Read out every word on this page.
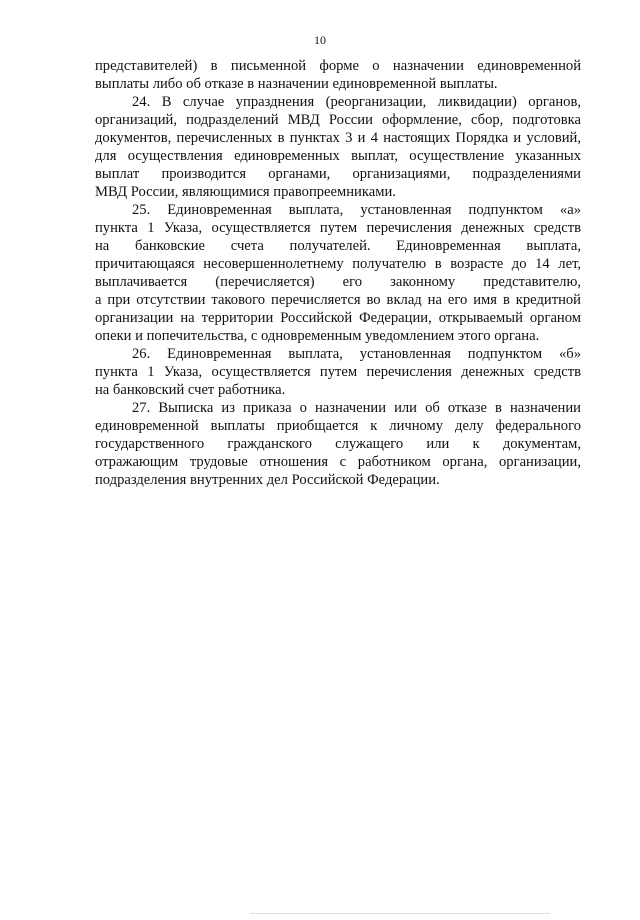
10
представителей) в письменной форме о назначении единовременной
выплаты либо об отказе в назначении единовременной выплаты.
24. В случае упразднения (реорганизации, ликвидации) органов,
организаций, подразделений МВД России оформление, сбор, подготовка
документов, перечисленных в пунктах 3 и 4 настоящих Порядка и условий,
для осуществления единовременных выплат, осуществление указанных
выплат производится органами, организациями, подразделениями
МВД России, являющимися правопреемниками.
25. Единовременная выплата, установленная подпунктом «а»
пункта 1 Указа, осуществляется путем перечисления денежных средств
на банковские счета получателей. Единовременная выплата,
причитающаяся несовершеннолетнему получателю в возрасте до 14 лет,
выплачивается (перечисляется) его законному представителю,
а при отсутствии такового перечисляется во вклад на его имя в кредитной
организации на территории Российской Федерации, открываемый органом
опеки и попечительства, с одновременным уведомлением этого органа.
26. Единовременная выплата, установленная подпунктом «б»
пункта 1 Указа, осуществляется путем перечисления денежных средств
на банковский счет работника.
27. Выписка из приказа о назначении или об отказе в назначении
единовременной выплаты приобщается к личному делу федерального
государственного гражданского служащего или к документам,
отражающим трудовые отношения с работником органа, организации,
подразделения внутренних дел Российской Федерации.
